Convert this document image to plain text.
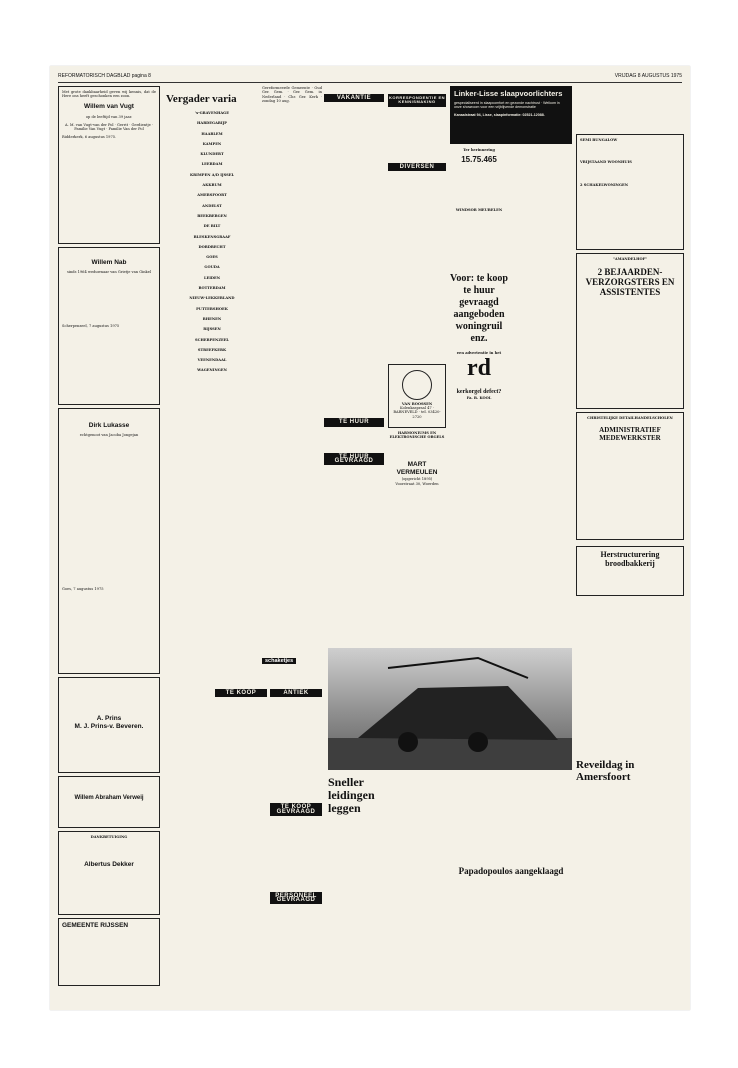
REFORMATORISCH DAGBLAD pagina 8	VRIJDAG 8 AUGUSTUS 1975
Met grote dankbaarheid geven wij kennis, dat de Here ons heeft geschonken een zoon.
Willem van Vugt
op de leeftijd van 39 jaar.
A. M. van Vugt-van der Pol · Gerrit · Gerdientje · Familie Van Vugt · Familie Van der Pol
Ridderkerk, 6 augustus 1975.
Willem Nab
sinds 1964 weduwnaar van Grietje van Ginkel
Scherpenzeel, 7 augustus 1975
Dirk Lukasse
echtgenoot van Jacoba Jongejan
Goes, 7 augustus 1975
A. Prins
M. J. Prins-v. Beveren.
Willem Abraham Verweij
DANKBETUIGING
Albertus Dekker
GEMEENTE RIJSSEN
Vergader varia
's-GRAVENHAGE
HARDEGARIJP
HAARLEM
KAMPEN
KLUNDERT
LEERDAM
KRIMPEN A/D IJSSEL
AKKRUM
AMERSFOORT
ANDELST
BEEKBERGEN
DE BILT
BLESKENSGRAAF
DORDRECHT
GOES
GOUDA
LEIDEN
ROTTERDAM
NIEUW-LEKKERLAND
PUTTERSHOEK
RHENEN
RIJSSEN
SCHERPENZEEL
STREEFKERK
VEENENDAAL
WAGENINGEN
Gereformeerde Gemeente · Oud Ger. Gem. · Ger. Gem. in Nederland · Chr. Ger. Kerk · zondag 10 aug.
schaketjes
TE KOOP	ANTIEK
TE KOOP GEVRAAGD
PERSONEEL GEVRAAGD
VAKANTIE
TE HUUR
TE HUUR GEVRAAGD
KORRESPONDENTIE EN KENNISMAKING
DIVERSEN
VAN ROOSSEN
Kolenkaspraal 47 · BARNEVELD · tel. 03420-2720
HARMONIUMS EN ELEKTRONISCHE ORGELS
MART VERMEULEN
(opgericht 1895)
Voorstraat 30, Woerden
Linker-Lisse slaapvoorlichters
gespecialiseerd in slaapcomfort en gezonde nachtrust · Welkom in onze showroom voor een vrijblijvende demonstratie
Kanaalstraat 94, Lisse, slaapinformatie: 02521-12088.
Ter herinnering
15.75.465
WINDSOR MEUBELEN
Voor: te koop te huur gevraagd aangeboden woningruil enz.
een advertentie in het
rd
kerkorgel defect?
Fa. B. KOOL
SEMI BUNGALOW
VRIJSTAAND WOONHUIS
2 SCHAKELWONINGEN
"AMANDELHOF"
2 BEJAARDEN-VERZORGSTERS EN ASSISTENTES
CHRISTELIJKE DETAILHANDELSCHOLEN
ADMINISTRATIEF MEDEWERKSTER
Herstructurering broodbakkerij
Reveildag in Amersfoort
Sneller leidingen leggen
Papadopoulos aangeklaagd
